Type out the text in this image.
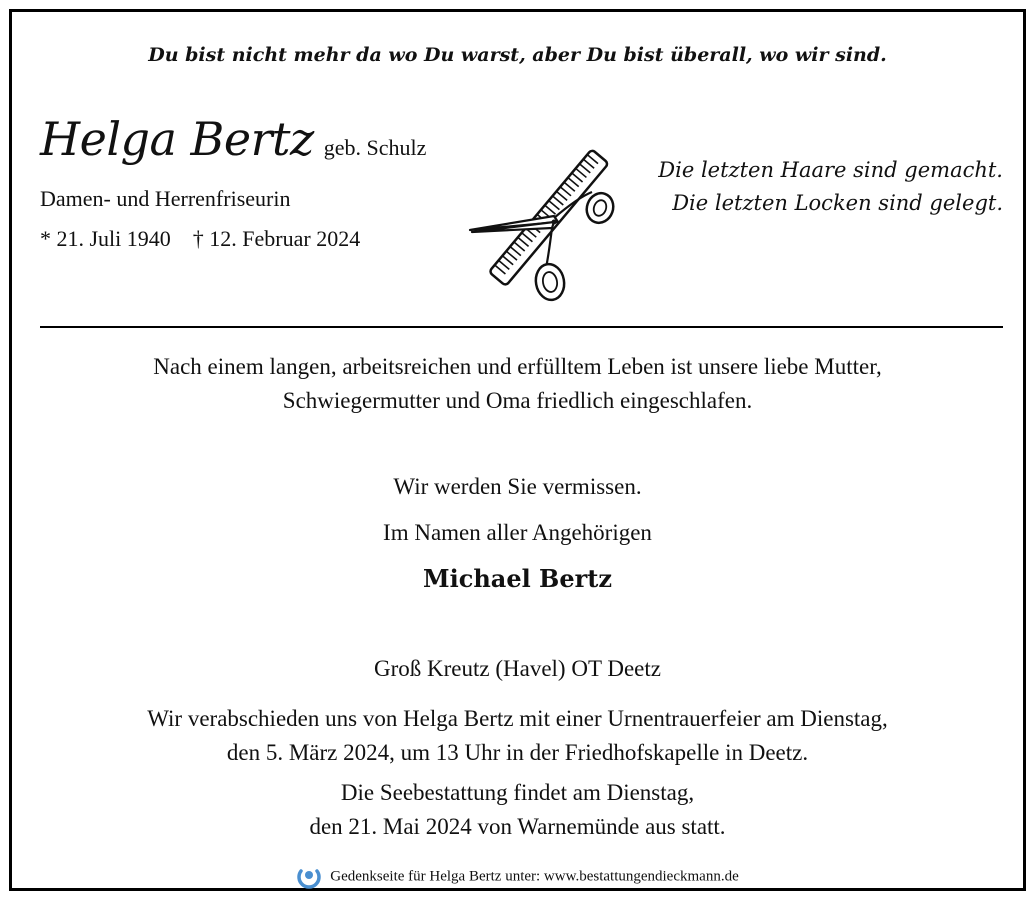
Du bist nicht mehr da wo Du warst, aber Du bist überall, wo wir sind.
Helga Bertz geb. Schulz
Damen- und Herrenfriseurin
* 21. Juli 1940 † 12. Februar 2024
Die letzten Haare sind gemacht.
Die letzten Locken sind gelegt.
Nach einem langen, arbeitsreichen und erfülltem Leben ist unsere liebe Mutter,
Schwiegermutter und Oma friedlich eingeschlafen.
Wir werden Sie vermissen.
Im Namen aller Angehörigen
Michael Bertz
Groß Kreutz (Havel) OT Deetz
Wir verabschieden uns von Helga Bertz mit einer Urnentrauerfeier am Dienstag,
den 5. März 2024, um 13 Uhr in der Friedhofskapelle in Deetz.
Die Seebestattung findet am Dienstag,
den 21. Mai 2024 von Warnemünde aus statt.
Gedenkseite für Helga Bertz unter: www.bestattungendieckmann.de
